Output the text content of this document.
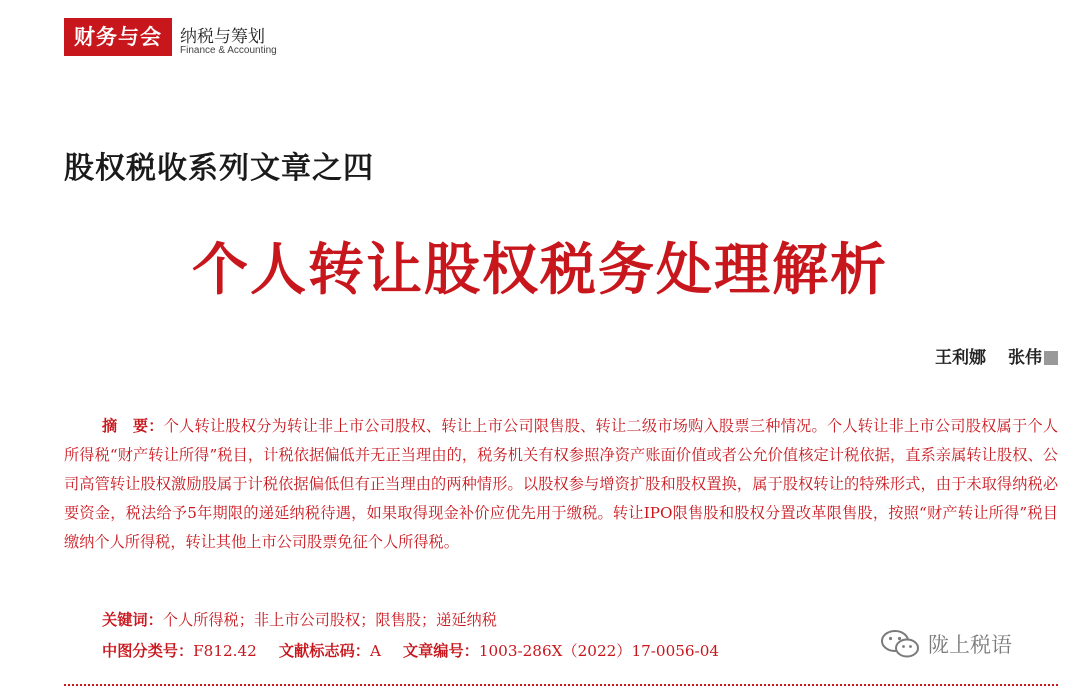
财务与会计
纳税与筹划
Finance & Accounting
股权税收系列文章之四
个人转让股权税务处理解析
王利娜 张伟

摘　要：个人转让股权分为转让非上市公司股权、转让上市公司限售股、转让二级市场购入股票三种情况。个人转让非上市公司股权属于个人所得税“财产转让所得”税目，计税依据偏低并无正当理由的，税务机关有权参照净资产账面价值或者公允价值核定计税依据，直系亲属转让股权、公司高管转让股权激励股属于计税依据偏低但有正当理由的两种情形。以股权参与增资扩股和股权置换，属于股权转让的特殊形式，由于未取得纳税必要资金，税法给予5年期限的递延纳税待遇，如果取得现金补价应优先用于缴税。转让IPO限售股和股权分置改革限售股，按照“财产转让所得”税目缴纳个人所得税，转让其他上市公司股票免征个人所得税。

关键词：个人所得税；非上市公司股权；限售股；递延纳税
中图分类号：F812.42 文献标志码：A 文章编号：1003-286X（2022）17-0056-04	陇上税语
